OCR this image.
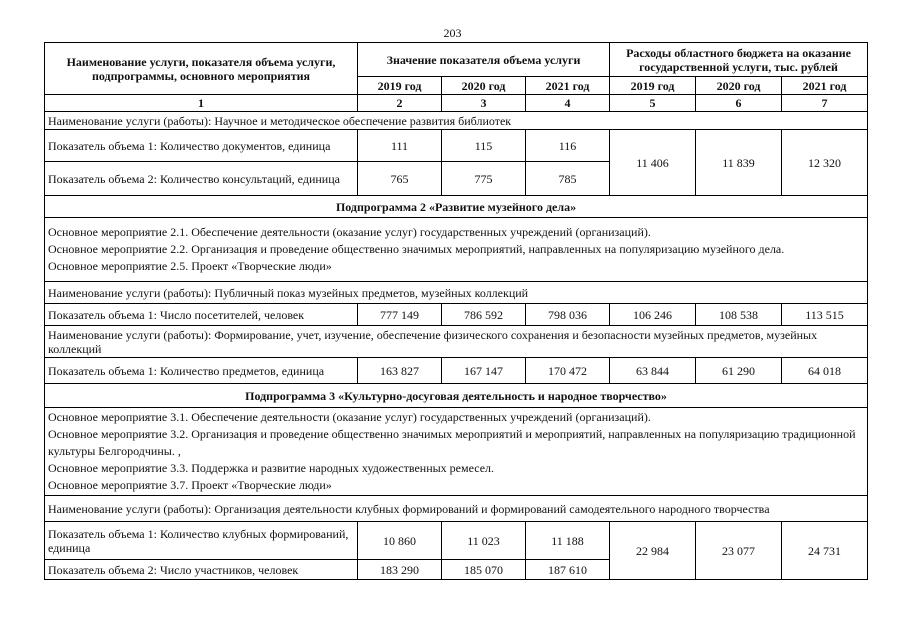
203
Наименование услуги, показателя объема услуги, подпрограммы, основного мероприятия	Значение показателя объема услуги			Расходы областного бюджета на оказание государственной услуги, тыс. рублей		
	2019 год	2020 год	2021 год	2019 год	2020 год	2021 год
1	2	3	4	5	6	7
Наименование услуги (работы): Научное и методическое обеспечение развития библиотек						
Показатель объема 1: Количество документов, единица	111	115	116	11 406	11 839	12 320
Показатель объема 2: Количество консультаций, единица	765	775	785			
Подпрограмма 2 «Развитие музейного дела»						

Основное мероприятие 2.1. Обеспечение деятельности (оказание услуг) государственных учреждений (организаций).
Основное мероприятие 2.2. Организация и проведение общественно значимых мероприятий, направленных на популяризацию музейного дела.
Основное мероприятие 2.5. Проект «Творческие люди»						

Наименование услуги (работы): Публичный показ музейных предметов, музейных коллекций						
Показатель объема 1: Число посетителей, человек	777 149	786 592	798 036	106 246	108 538	113 515
Наименование услуги (работы): Формирование, учет, изучение, обеспечение физического сохранения и безопасности музейных предметов, музейных коллекций						
Показатель объема 1: Количество предметов, единица	163 827	167 147	170 472	63 844	61 290	64 018
Подпрограмма 3 «Культурно-досуговая деятельность и народное творчество»						

Основное мероприятие 3.1. Обеспечение деятельности (оказание услуг) государственных учреждений (организаций).
Основное мероприятие 3.2. Организация и проведение общественно значимых мероприятий и мероприятий, направленных на популяризацию традиционной культуры Белгородчины. ,
Основное мероприятие 3.3. Поддержка и развитие народных художественных ремесел.
Основное мероприятие 3.7. Проект «Творческие люди»						

Наименование услуги (работы): Организация деятельности клубных формирований и формирований самодеятельного народного творчества						
Показатель объема 1: Количество клубных формирований, единица	10 860	11 023	11 188	22 984	23 077	24 731
Показатель объема 2: Число участников, человек	183 290	185 070	187 610			
